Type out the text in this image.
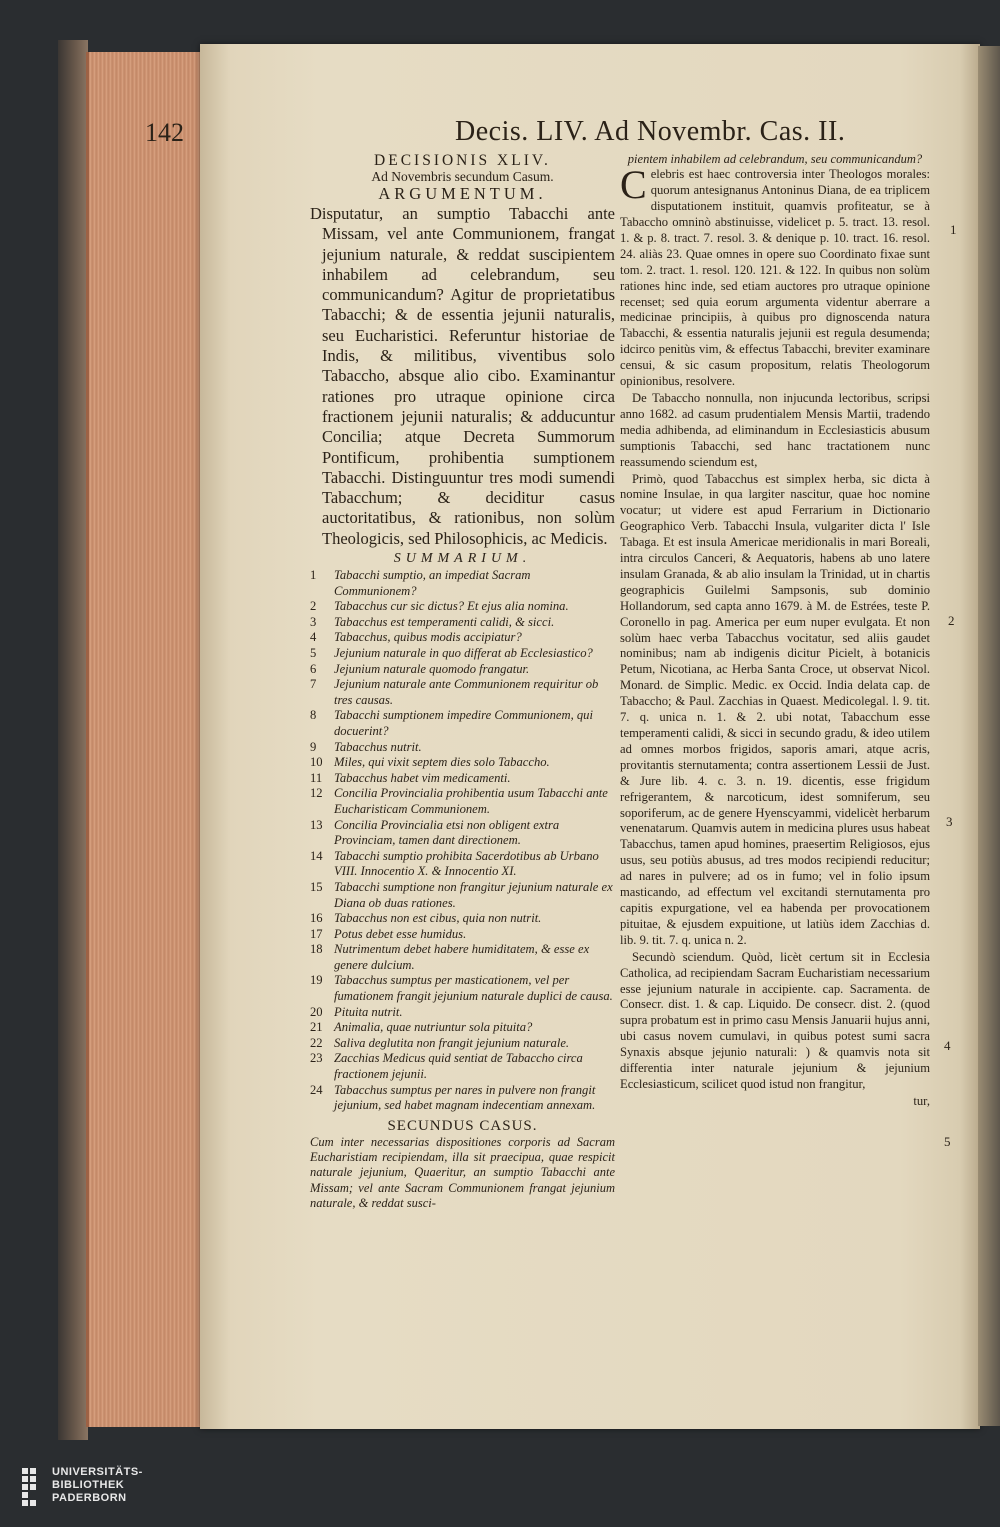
142	Decis. LIV. Ad Novembr. Cas. II.
DECISIONIS XLIV.
Ad Novembris secundum Casum.
ARGUMENTUM.

Disputatur, an sumptio Tabacchi ante Missam, vel ante Communionem, frangat jejunium naturale, & reddat suscipientem inhabilem ad celebrandum, seu communicandum? Agitur de proprietatibus Tabacchi; & de essentia jejunii naturalis, seu Eucharistici. Referuntur historiae de Indis, & militibus, viventibus solo Tabaccho, absque alio cibo. Examinantur rationes pro utraque opinione circa fractionem jejunii naturalis; & adducuntur Concilia; atque Decreta Summorum Pontificum, prohibentia sumptionem Tabacchi. Distinguuntur tres modi sumendi Tabacchum; & deciditur casus auctoritatibus, & rationibus, non solùm Theologicis, sed Philosophicis, ac Medicis.

SUMMARIUM.
1 Tabacchi sumptio, an impediat Sacram Communionem?
2 Tabacchus cur sic dictus? Et ejus alia nomina.
3 Tabacchus est temperamenti calidi, & sicci.
4 Tabacchus, quibus modis accipiatur?
5 Jejunium naturale in quo differat ab Ecclesiastico?
6 Jejunium naturale quomodo frangatur.
7 Jejunium naturale ante Communionem requiritur ob tres causas.
8 Tabacchi sumptionem impedire Communionem, qui docuerint?
9 Tabacchus nutrit.
10 Miles, qui vixit septem dies solo Tabaccho.
11 Tabacchus habet vim medicamenti.
12 Concilia Provincialia prohibentia usum Tabacchi ante Eucharisticam Communionem.
13 Concilia Provincialia etsi non obligent extra Provinciam, tamen dant directionem.
14 Tabacchi sumptio prohibita Sacerdotibus ab Urbano VIII. Innocentio X. & Innocentio XI.
15 Tabacchi sumptione non frangitur jejunium naturale ex Diana ob duas rationes.
16 Tabacchus non est cibus, quia non nutrit.
17 Potus debet esse humidus.
18 Nutrimentum debet habere humiditatem, & esse ex genere dulcium.
19 Tabacchus sumptus per masticationem, vel per fumationem frangit jejunium naturale duplici de causa.
20 Pituita nutrit.
21 Animalia, quae nutriuntur sola pituita?
22 Saliva deglutita non frangit jejunium naturale.
23 Zacchias Medicus quid sentiat de Tabaccho circa fractionem jejunii.
24 Tabacchus sumptus per nares in pulvere non frangit jejunium, sed habet magnam indecentiam annexam.
SECUNDUS CASUS.

Cum inter necessarias dispositiones corporis ad Sacram Eucharistiam recipiendam, illa sit praecipua, quae respicit naturale jejunium, Quaeritur, an sumptio Tabacchi ante Missam; vel ante Sacram Communionem frangat jejunium naturale, & reddat susci-

pientem inhabilem ad celebrandum, seu communicandum?

Celebris est haec controversia inter Theologos morales: quorum antesignanus Antoninus Diana, de ea triplicem disputationem instituit, quamvis profiteatur, se à Tabaccho omninò abstinuisse, videlicet p. 5. tract. 13. resol. 1. & p. 8. tract. 7. resol. 3. & denique p. 10. tract. 16. resol. 24. aliàs 23. Quae omnes in opere suo Coordinato fixae sunt tom. 2. tract. 1. resol. 120. 121. & 122. In quibus non solùm rationes hinc inde, sed etiam auctores pro utraque opinione recenset; sed quia eorum argumenta videntur aberrare a medicinae principiis, à quibus pro dignoscenda natura Tabacchi, & essentia naturalis jejunii est regula desumenda; idcirco penitùs vim, & effectus Tabacchi, breviter examinare censui, & sic casum propositum, relatis Theologorum opinionibus, resolvere.

De Tabaccho nonnulla, non injucunda lectoribus, scripsi anno 1682. ad casum prudentialem Mensis Martii, tradendo media adhibenda, ad eliminandum in Ecclesiasticis abusum sumptionis Tabacchi, sed hanc tractationem nunc reassumendo sciendum est,

Primò, quod Tabacchus est simplex herba, sic dicta à nomine Insulae, in qua largiter nascitur, quae hoc nomine vocatur; ut videre est apud Ferrarium in Dictionario Geographico Verb. Tabacchi Insula, vulgariter dicta l' Isle Tabaga. Et est insula Americae meridionalis in mari Boreali, intra circulos Canceri, & Aequatoris, habens ab uno latere insulam Granada, & ab alio insulam la Trinidad, ut in chartis geographicis Guilelmi Sampsonis, sub dominio Hollandorum, sed capta anno 1679. à M. de Estrées, teste P. Coronello in pag. America per eum nuper evulgata. Et non solùm haec verba Tabacchus vocitatur, sed aliis gaudet nominibus; nam ab indigenis dicitur Picielt, à botanicis Petum, Nicotiana, ac Herba Santa Croce, ut observat Nicol. Monard. de Simplic. Medic. ex Occid. India delata cap. de Tabaccho; & Paul. Zacchias in Quaest. Medicolegal. l. 9. tit. 7. q. unica n. 1. & 2. ubi notat, Tabacchum esse temperamenti calidi, & sicci in secundo gradu, & ideo utilem ad omnes morbos frigidos, saporis amari, atque acris, provitantis sternutamenta; contra assertionem Lessii de Just. & Jure lib. 4. c. 3. n. 19. dicentis, esse frigidum refrigerantem, & narcoticum, idest somniferum, seu soporiferum, ac de genere Hyenscyammi, videlicèt herbarum venenatarum. Quamvis autem in medicina plures usus habeat Tabacchus, tamen apud homines, praesertim Religiosos, ejus usus, seu potiùs abusus, ad tres modos recipiendi reducitur; ad nares in pulvere; ad os in fumo; vel in folio ipsum masticando, ad effectum vel excitandi sternutamenta pro capitis expurgatione, vel ea habenda per provocationem pituitae, & ejusdem expuitione, ut latiùs idem Zacchias d. lib. 9. tit. 7. q. unica n. 2.

Secundò sciendum. Quòd, licèt certum sit in Ecclesia Catholica, ad recipiendam Sacram Eucharistiam necessarium esse jejunium naturale in accipiente. cap. Sacramenta. de Consecr. dist. 1. & cap. Liquido. De consecr. dist. 2. (quod supra probatum est in primo casu Mensis Januarii hujus anni, ubi casus novem cumulavi, in quibus potest sumi sacra Synaxis absque jejunio naturali: ) & quamvis nota sit differentia inter naturale jejunium & jejunium Ecclesiasticum, scilicet quod istud non frangitur,

tur,

1
2
3
4
5
UNIVERSITÄTS-
BIBLIOTHEK
PADERBORN
